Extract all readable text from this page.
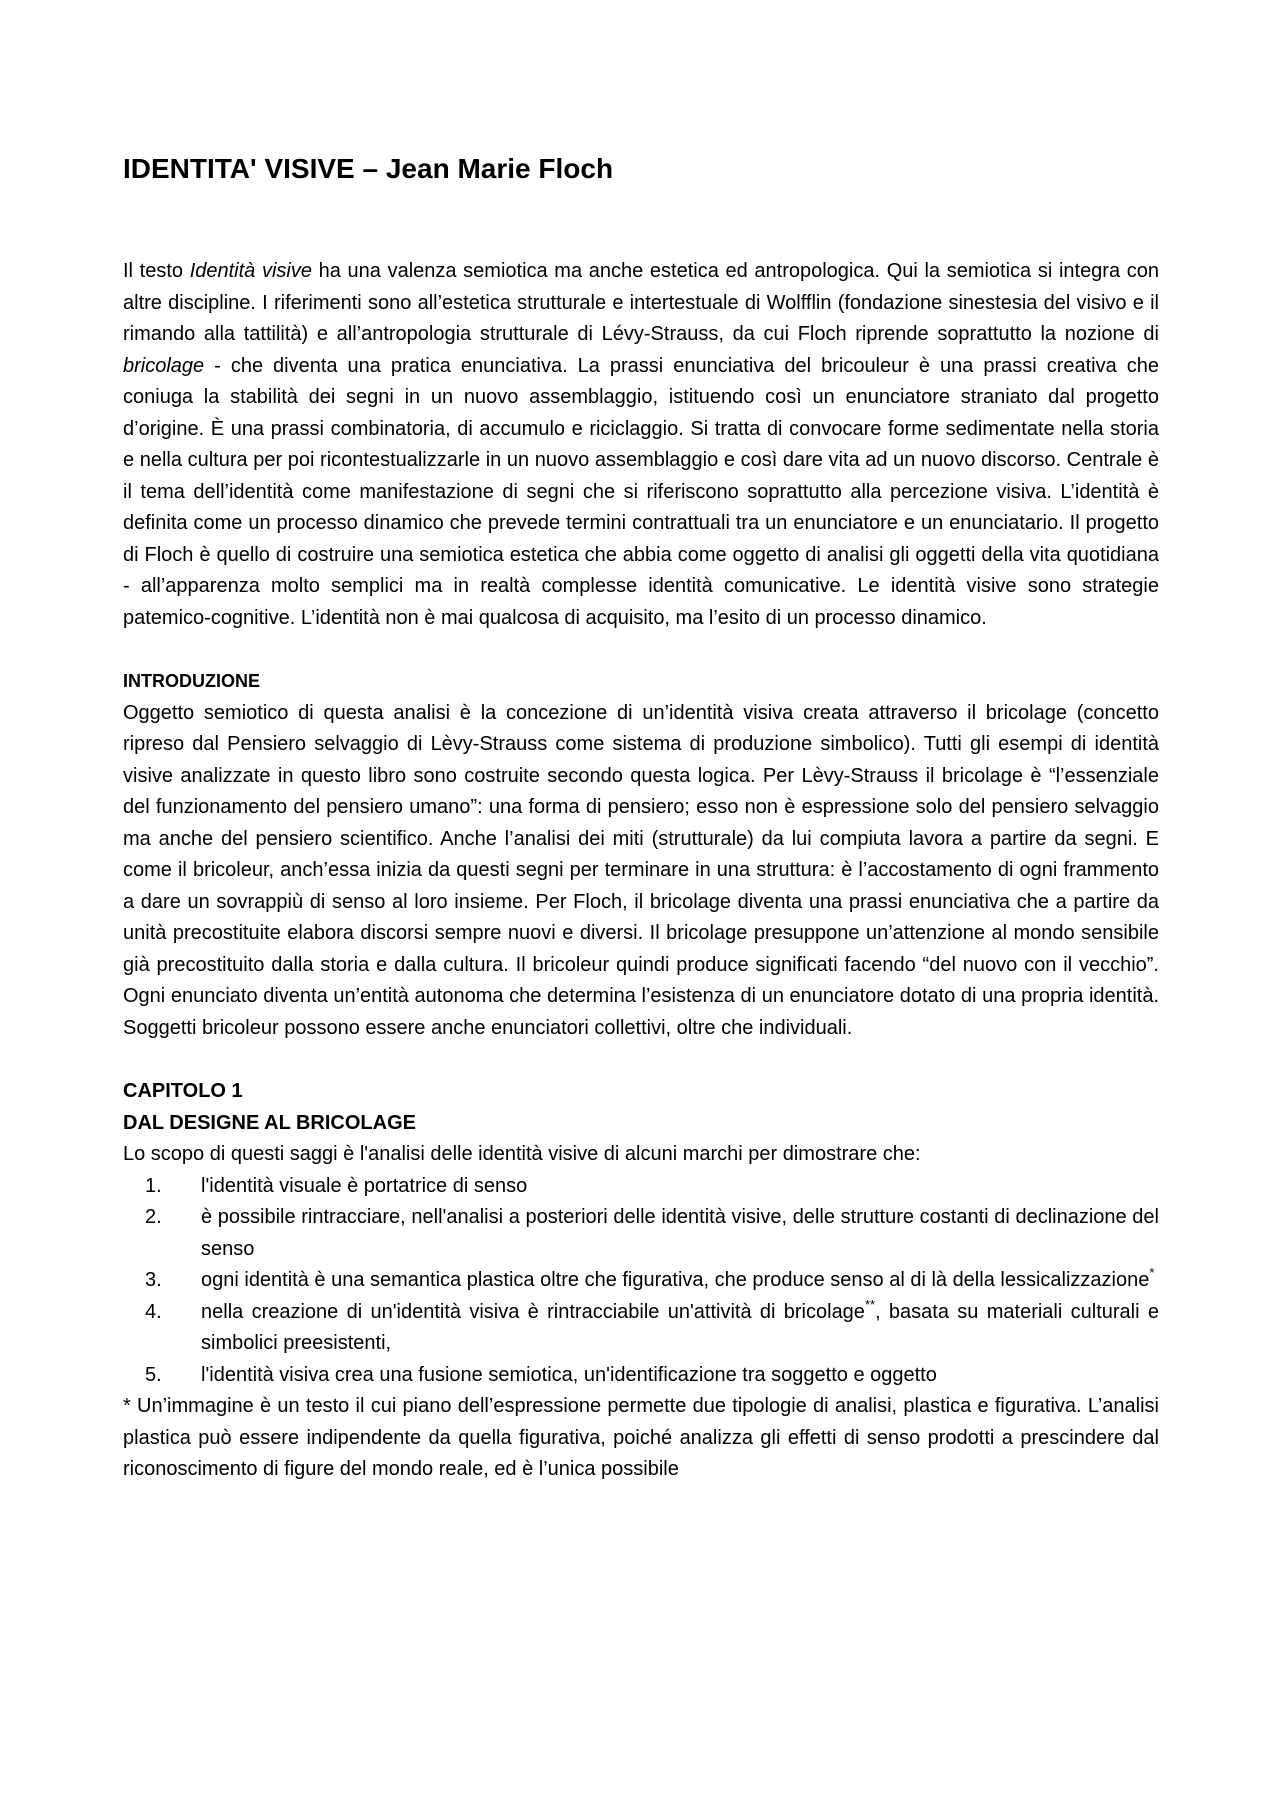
IDENTITA' VISIVE – Jean Marie Floch

Il testo Identità visive ha una valenza semiotica ma anche estetica ed antropologica. Qui la semiotica si integra con altre discipline. I riferimenti sono all’estetica strutturale e intertestuale di Wolfflin (fondazione sinestesia del visivo e il rimando alla tattilità) e all’antropologia strutturale di Lévy-Strauss, da cui Floch riprende soprattutto la nozione di bricolage - che diventa una pratica enunciativa. La prassi enunciativa del bricouleur è una prassi creativa che coniuga la stabilità dei segni in un nuovo assemblaggio, istituendo così un enunciatore straniato dal progetto d’origine. È una prassi combinatoria, di accumulo e riciclaggio. Si tratta di convocare forme sedimentate nella storia e nella cultura per poi ricontestualizzarle in un nuovo assemblaggio e così dare vita ad un nuovo discorso. Centrale è il tema dell’identità come manifestazione di segni che si riferiscono soprattutto alla percezione visiva. L’identità è definita come un processo dinamico che prevede termini contrattuali tra un enunciatore e un enunciatario. Il progetto di Floch è quello di costruire una semiotica estetica che abbia come oggetto di analisi gli oggetti della vita quotidiana - all’apparenza molto semplici ma in realtà complesse identità comunicative. Le identità visive sono strategie patemico-cognitive. L’identità non è mai qualcosa di acquisito, ma l’esito di un processo dinamico.

INTRODUZIONE

Oggetto semiotico di questa analisi è la concezione di un’identità visiva creata attraverso il bricolage (concetto ripreso dal Pensiero selvaggio di Lèvy-Strauss come sistema di produzione simbolico). Tutti gli esempi di identità visive analizzate in questo libro sono costruite secondo questa logica. Per Lèvy-Strauss il bricolage è “l’essenziale del funzionamento del pensiero umano”: una forma di pensiero; esso non è espressione solo del pensiero selvaggio ma anche del pensiero scientifico. Anche l’analisi dei miti (strutturale) da lui compiuta lavora a partire da segni. E come il bricoleur, anch’essa inizia da questi segni per terminare in una struttura: è l’accostamento di ogni frammento a dare un sovrappiù di senso al loro insieme. Per Floch, il bricolage diventa una prassi enunciativa che a partire da unità precostituite elabora discorsi sempre nuovi e diversi. Il bricolage presuppone un’attenzione al mondo sensibile già precostituito dalla storia e dalla cultura. Il bricoleur quindi produce significati facendo “del nuovo con il vecchio”. Ogni enunciato diventa un’entità autonoma che determina l’esistenza di un enunciatore dotato di una propria identità. Soggetti bricoleur possono essere anche enunciatori collettivi, oltre che individuali.

CAPITOLO 1
DAL DESIGNE AL BRICOLAGE

Lo scopo di questi saggi è l'analisi delle identità visive di alcuni marchi per dimostrare che:

1. l'identità visuale è portatrice di senso
2. è possibile rintracciare, nell'analisi a posteriori delle identità visive, delle strutture costanti di declinazione del senso
3. ogni identità è una semantica plastica oltre che figurativa, che produce senso al di là della lessicalizzazione*
4. nella creazione di un'identità visiva è rintracciabile un'attività di bricolage**, basata su materiali culturali e simbolici preesistenti,
5. l'identità visiva crea una fusione semiotica, un'identificazione tra soggetto e oggetto

* Un’immagine è un testo il cui piano dell’espressione permette due tipologie di analisi, plastica e figurativa. L’analisi plastica può essere indipendente da quella figurativa, poiché analizza gli effetti di senso prodotti a prescindere dal riconoscimento di figure del mondo reale, ed è l’unica possibile
